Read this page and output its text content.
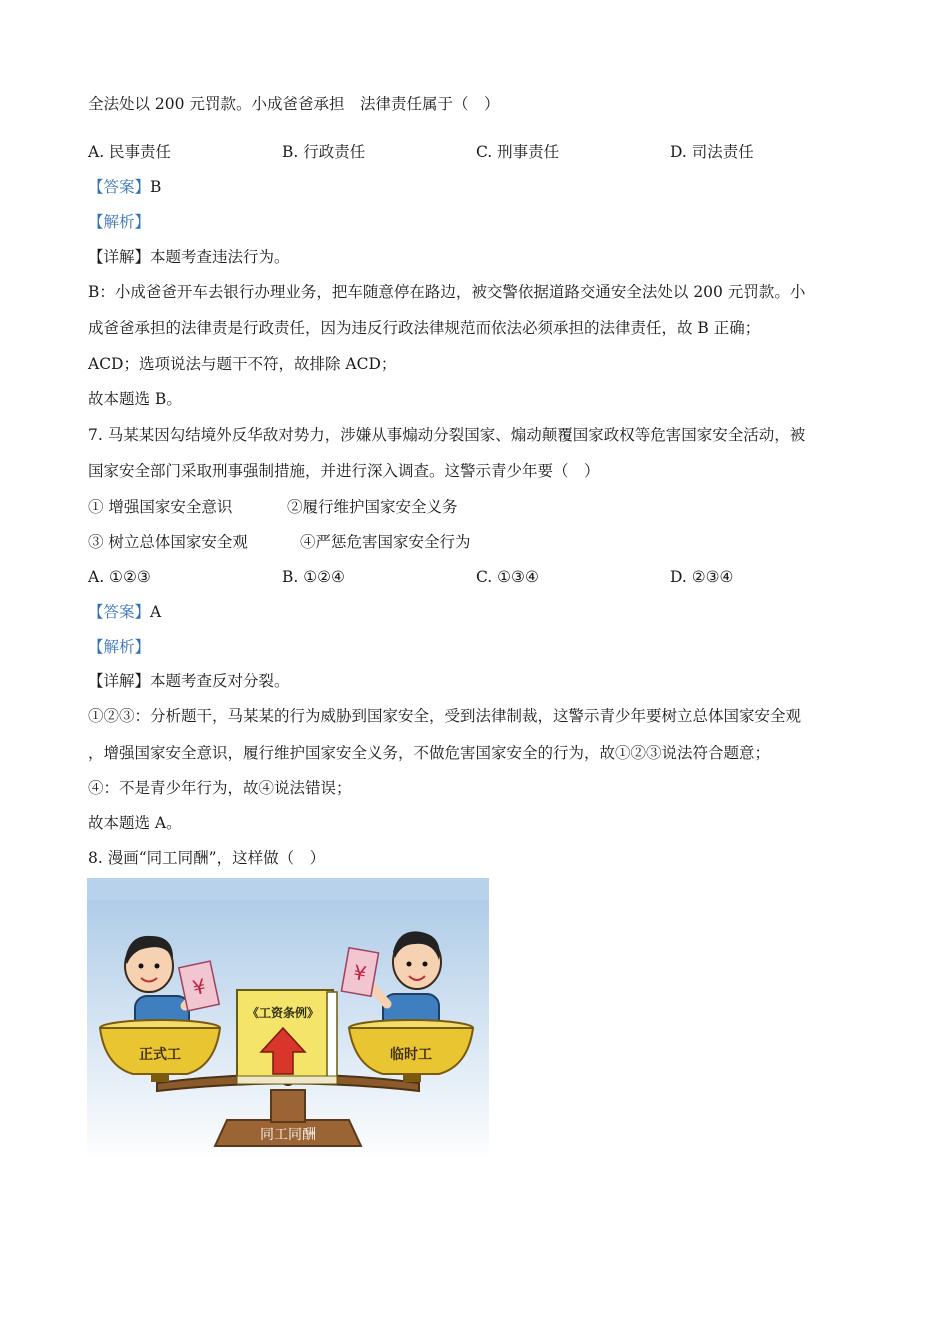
全法处以 200 元罚款。小成爸爸承担　法律责任属于（　）
A. 民事责任	B. 行政责任	C. 刑事责任	D. 司法责任
【答案】B
【解析】
【详解】本题考查违法行为。
B：小成爸爸开车去银行办理业务，把车随意停在路边，被交警依据道路交通安全法处以 200 元罚款。小
成爸爸承担的法律责是行政责任，因为违反行政法律规范而依法必须承担的法律责任，故 B 正确；
ACD；选项说法与题干不符，故排除 ACD；
故本题选 B。
7. 马某某因勾结境外反华敌对势力，涉嫌从事煽动分裂国家、煽动颠覆国家政权等危害国家安全活动，被
国家安全部门采取刑事强制措施，并进行深入调查。这警示青少年要（　）
① 增强国家安全意识	②履行维护国家安全义务
③ 树立总体国家安全观	④严惩危害国家安全行为
A. ①②③	B. ①②④	C. ①③④	D. ②③④
【答案】A
【解析】
【详解】本题考查反对分裂。
①②③：分析题干，马某某的行为威胁到国家安全，受到法律制裁，这警示青少年要树立总体国家安全观
，增强国家安全意识，履行维护国家安全义务，不做危害国家安全的行为，故①②③说法符合题意；
④：不是青少年行为，故④说法错误；
故本题选 A。
8. 漫画“同工同酬”，这样做（　）
同工同酬
¥
¥
正式工	临时工
《工资条例》
